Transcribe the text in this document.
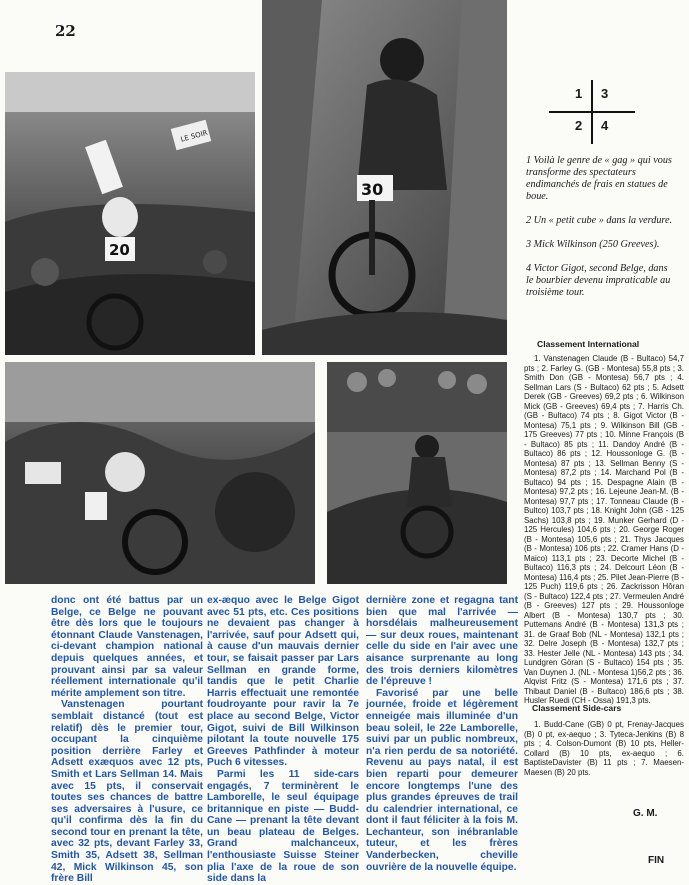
22
LE SOIR
20
30
1 3
2 4

1 Voilà le genre de « gag » qui vous transforme des spectateurs endimanchés de frais en statues de boue.

2 Un « petit cube » dans la verdure.

3 Mick Wilkinson (250 Greeves).

4 Victor Gigot, second Belge, dans le bourbier devenu impraticable au troisième tour.

Classement International

1. Vanstenagen Claude (B - Bultaco) 54,7 pts ; 2. Farley G. (GB - Montesa) 55,8 pts ; 3. Smith Don (GB - Montesa) 56,7 pts ; 4. Sellman Lars (S - Bultaco) 62 pts ; 5. Adsett Derek (GB - Greeves) 69,2 pts ; 6. Wilkinson Mick (GB - Greeves) 69,4 pts ; 7. Harris Ch. (GB - Bultaco) 74 pts ; 8. Gigot Victor (B - Montesa) 75,1 pts ; 9. Wilkinson Bill (GB - 175 Greeves) 77 pts ; 10. Minne François (B - Bultaco) 85 pts ; 11. Dandoy André (B - Bultaco) 86 pts ; 12. Houssonloge G. (B - Montesa) 87 pts ; 13. Sellman Benny (S - Montesa) 87,2 pts ; 14. Marchand Pol (B - Bultaco) 94 pts ; 15. Despagne Alain (B - Montesa) 97,2 pts ; 16. Lejeune Jean-M. (B - Montesa) 97,7 pts ; 17. Tonneau Claude (B - Bultco) 103,7 pts ; 18. Knight John (GB - 125 Sachs) 103,8 pts ; 19. Munker Gerhard (D - 125 Hercules) 104,6 pts ; 20. George Roger (B - Montesa) 105,6 pts ; 21. Thys Jacques (B - Montesa) 106 pts ; 22. Cramer Hans (D - Maico) 113,1 pts ; 23. Decorte Michel (B - Bultaco) 116,3 pts ; 24. Delcourt Léon (B - Montesa) 116,4 pts ; 25. Pilet Jean-Pierre (B - 125 Puch) 119,6 pts ; 26. Zackrisson Hôran (S - Bultaco) 122,4 pts ; 27. Vermeulen André (B - Greeves) 127 pts ; 29. Houssonloge Albert (B - Montesa) 130,7 pts ; 30. Puttemans André (B - Montesa) 131,3 pts ; 31. de Graaf Bob (NL - Montesa) 132,1 pts ; 32. Delre Joseph (B - Montesa) 132,7 pts ; 33. Hester Jelle (NL - Montesa) 143 pts ; 34. Lundgren Göran (S - Bultaco) 154 pts ; 35. Van Duynen J. (NL - Montesa 1)56,2 pts ; 36. Alqvist Fritz (S - Montesa) 171,6 pts ; 37. Thibaut Daniel (B - Bultaco) 186,6 pts ; 38. Husler Ruedi (CH - Ossa) 191,3 pts.

Classement Side-cars

1. Budd-Cane (GB) 0 pt, Frenay-Jacques (B) 0 pt, ex-aequo ; 3. Tyteca-Jenkins (B) 8 pts ; 4. Colson-Dumont (B) 10 pts, Heller-Collard (B) 10 pts, ex-aequo ; 6. BaptisteDavister (B) 11 pts ; 7. Maesen-Maesen (B) 20 pts.

G. M.
FIN

donc ont été battus par un Belge, ce Belge ne pouvant être dès lors que le toujours étonnant Claude Vanstenagen, ci-devant champion national depuis quelques années, et prouvant ainsi par sa valeur réellement internationale qu'il mérite amplement son titre.

Vanstenagen pourtant semblait distancé (tout est relatif) dès le premier tour, occupant la cinquième position derrière Farley et Adsett exæquos avec 12 pts, Smith et Lars Sellman 14. Mais avec 15 pts, il conservait toutes ses chances de battre ses adversaires à l'usure, ce qu'il confirma dès la fin du second tour en prenant la tête, avec 32 pts, devant Farley 33, Smith 35, Adsett 38, Sellman 42, Mick Wilkinson 45, son frère Bill

ex-æquo avec le Belge Gigot avec 51 pts, etc. Ces positions ne devaient pas changer à l'arrivée, sauf pour Adsett qui, à cause d'un mauvais dernier tour, se faisait passer par Lars Sellman en grande forme, tandis que le petit Charlie Harris effectuait une remontée foudroyante pour ravir la 7e place au second Belge, Victor Gigot, suivi de Bill Wilkinson pilotant la toute nouvelle 175 Greeves Pathfinder à moteur Puch 6 vitesses.

Parmi les 11 side-cars engagés, 7 terminèrent le Lamborelle, le seul équipage britannique en piste — Budd-Cane — prenant la tête devant un beau plateau de Belges. Grand malchanceux, l'enthousiaste Suisse Steiner plia l'axe de la roue de son side dans la

dernière zone et regagna tant bien que mal l'arrivée — horsdélais malheureusement — sur deux roues, maintenant celle du side en l'air avec une aisance surprenante au long des trois derniers kilomètres de l'épreuve !

Favorisé par une belle journée, froide et légèrement enneigée mais illuminée d'un beau soleil, le 22e Lamborelle, suivi par un public nombreux, n'a rien perdu de sa notoriété. Revenu au pays natal, il est bien reparti pour demeurer encore longtemps l'une des plus grandes épreuves de trail du calendrier international, ce dont il faut féliciter à la fois M. Lechanteur, son inébranlable tuteur, et les frères Vanderbecken, cheville ouvrière de la nouvelle équipe.
